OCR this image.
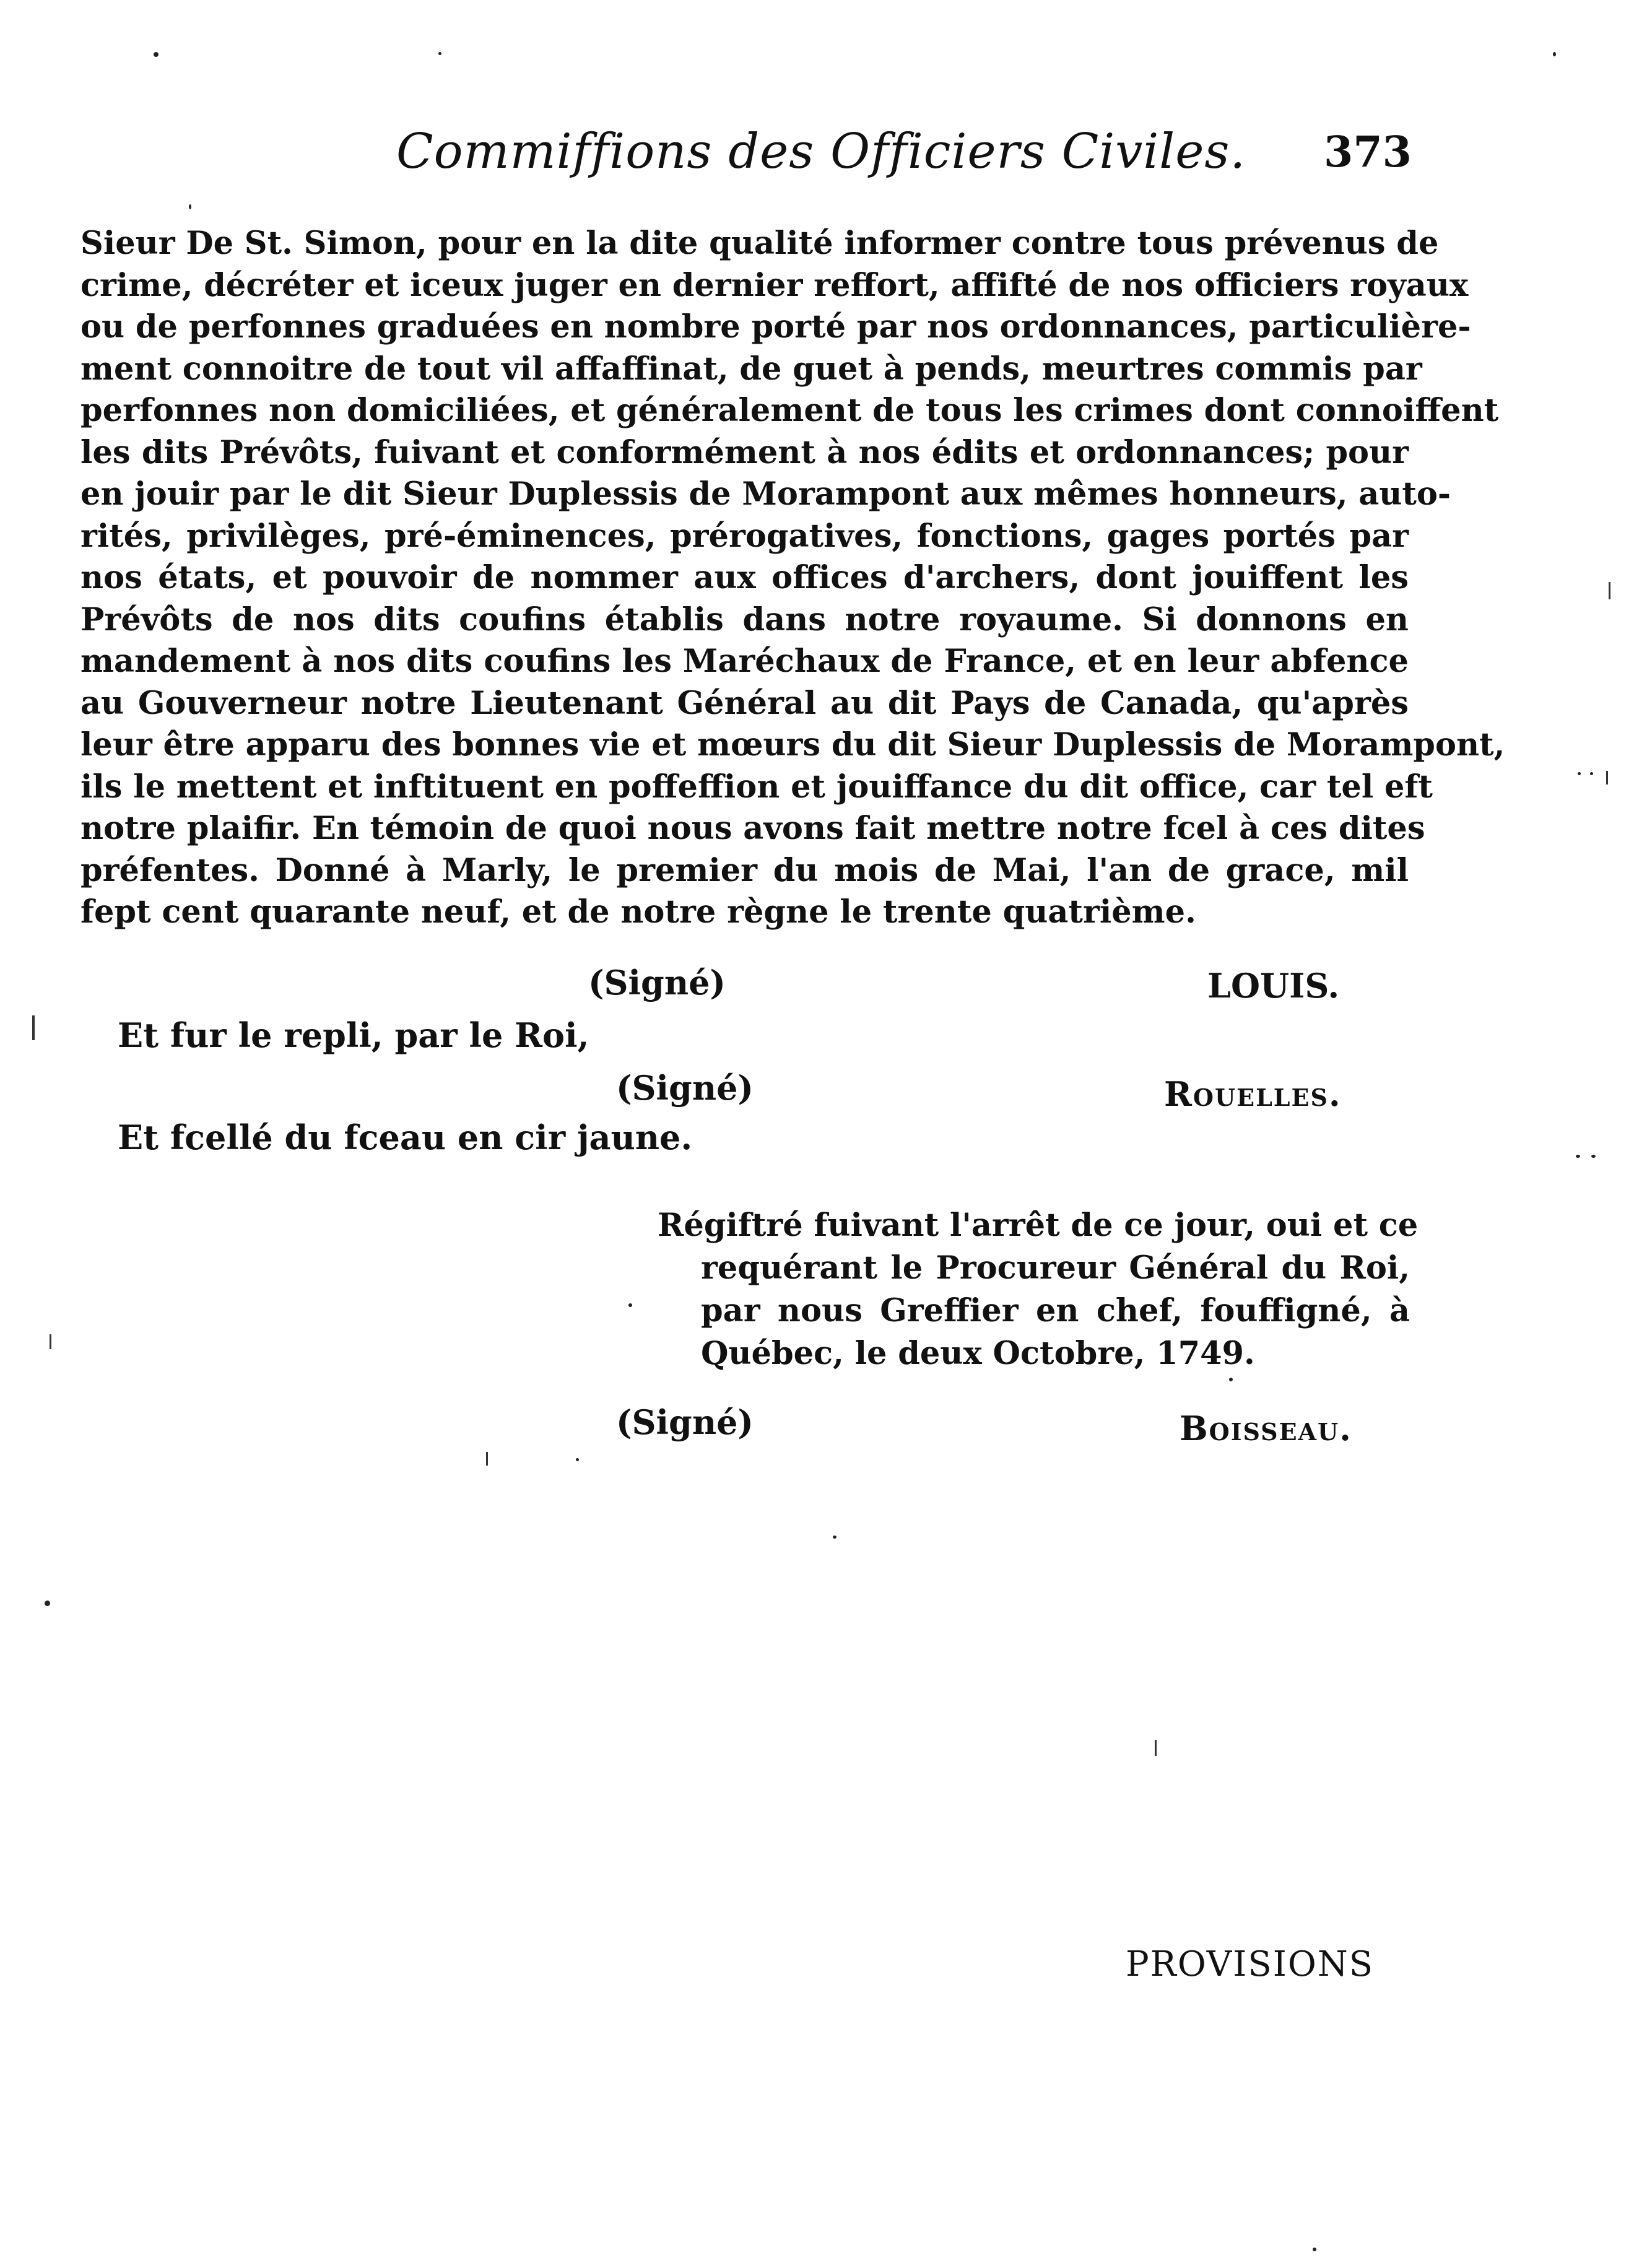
Commiffions des Officiers Civiles. 373
Sieur De St. Simon, pour en la dite qualité informer contre tous prévenus de
crime, décréter et iceux juger en dernier reffort, affifté de nos officiers royaux
ou de perfonnes graduées en nombre porté par nos ordonnances, particulière-
ment connoitre de tout vil affaffinat, de guet à pends, meurtres commis par
perfonnes non domiciliées, et généralement de tous les crimes dont connoiffent
les dits Prévôts, fuivant et conformément à nos édits et ordonnances; pour
en jouir par le dit Sieur Duplessis de Morampont aux mêmes honneurs, auto-
rités, privilèges, pré-éminences, prérogatives, fonctions, gages portés par
nos états, et pouvoir de nommer aux offices d'archers, dont jouiffent les
Prévôts de nos dits coufins établis dans notre royaume. Si donnons en
mandement à nos dits coufins les Maréchaux de France, et en leur abfence
au Gouverneur notre Lieutenant Général au dit Pays de Canada, qu'après
leur être apparu des bonnes vie et mœurs du dit Sieur Duplessis de Morampont,
ils le mettent et inftituent en poffeffion et jouiffance du dit office, car tel eft
notre plaifir. En témoin de quoi nous avons fait mettre notre fcel à ces dites
préfentes. Donné à Marly, le premier du mois de Mai, l'an de grace, mil
fept cent quarante neuf, et de notre règne le trente quatrième.
(Signé)	LOUIS.
Et fur le repli, par le Roi,
(Signé)	Rouelles.
Et fcellé du fceau en cir jaune.
Régiftré fuivant l'arrêt de ce jour, oui et ce
requérant le Procureur Général du Roi,
par nous Greffier en chef, fouffigné, à
Québec, le deux Octobre, 1749.
(Signé)	Boisseau.
PROVISIONS
